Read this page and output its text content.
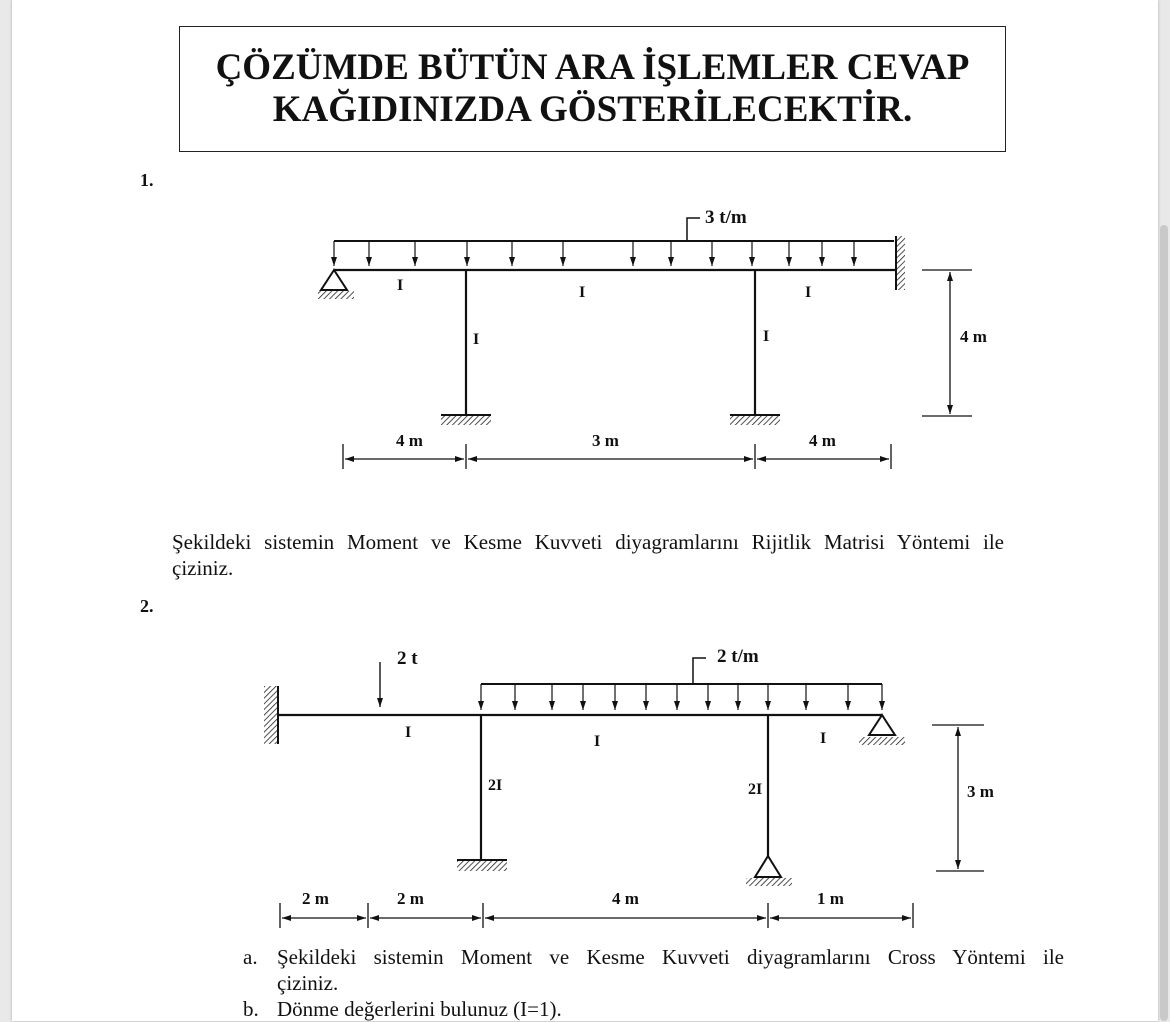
ÇÖZÜMDE BÜTÜN ARA İŞLEMLER CEVAP
KAĞIDINIZDA GÖSTERİLECEKTİR.
1.
3 t/m
I	I	I
I	I	4 m
4 m	3 m	4 m
2 t	2 t/m
I
I	I
2I	2I	3 m
2 m	2 m	4 m	1 m
Şekildeki sistemin Moment ve Kesme Kuvveti diyagramlarını Rijitlik Matrisi Yöntemi ile
çiziniz.
2.
a. Şekildeki sistemin Moment ve Kesme Kuvveti diyagramlarını Cross Yöntemi ile
çiziniz.
b. Dönme değerlerini bulunuz (I=1).
